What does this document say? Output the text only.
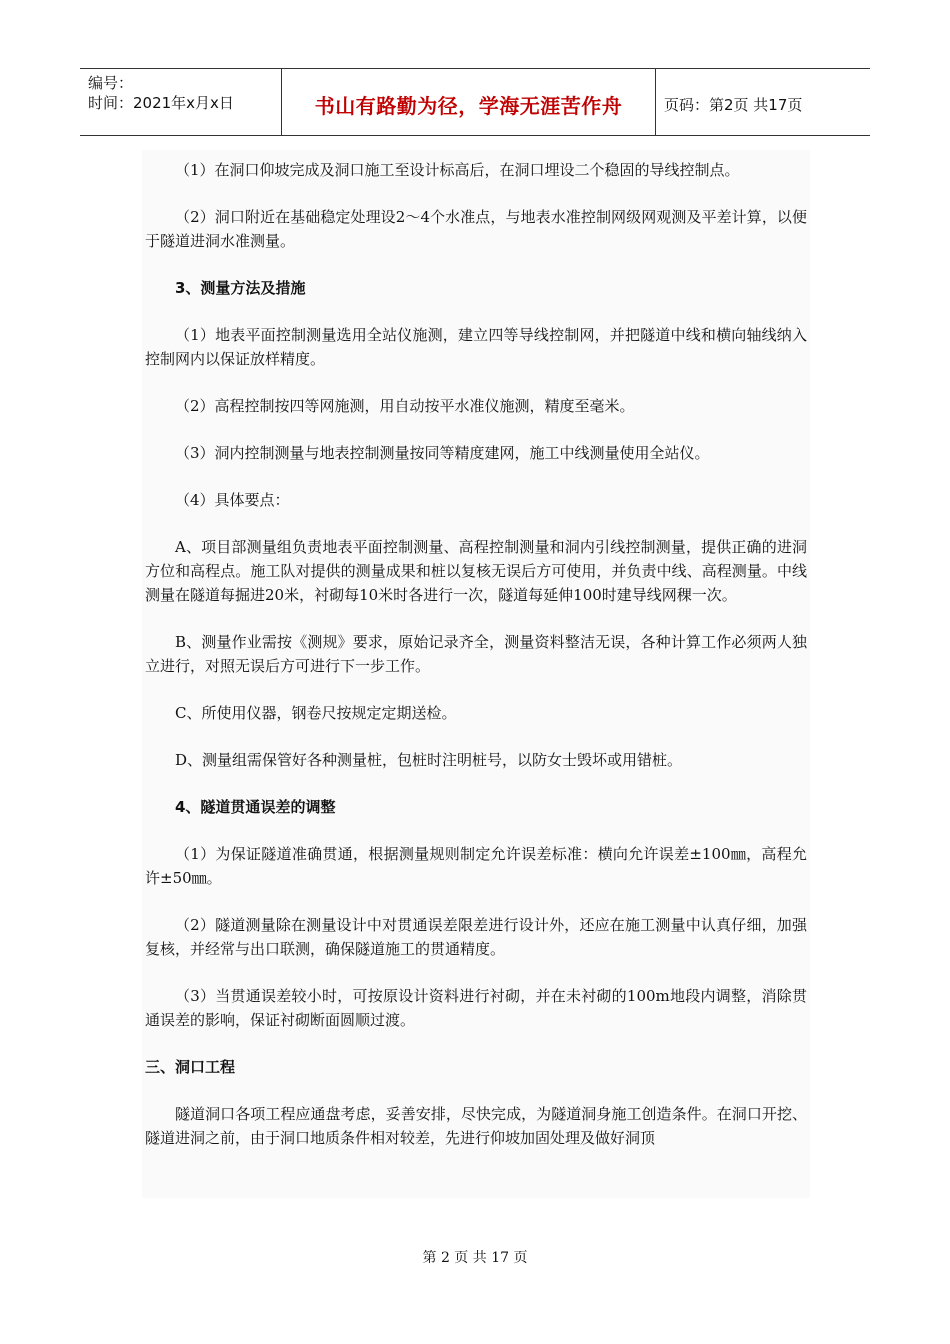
编号：
时间：2021年x月x日	书山有路勤为径，学海无涯苦作舟	页码：第2页 共17页

（1）在洞口仰坡完成及洞口施工至设计标高后，在洞口埋设二个稳固的导线控制点。

（2）洞口附近在基础稳定处理设2～4个水准点，与地表水准控制网级网观测及平差计算，以便于隧道进洞水准测量。

3、测量方法及措施

（1）地表平面控制测量选用全站仪施测，建立四等导线控制网，并把隧道中线和横向轴线纳入控制网内以保证放样精度。

（2）高程控制按四等网施测，用自动按平水准仪施测，精度至毫米。

（3）洞内控制测量与地表控制测量按同等精度建网，施工中线测量使用全站仪。

（4）具体要点：

A、项目部测量组负责地表平面控制测量、高程控制测量和洞内引线控制测量，提供正确的进洞方位和高程点。施工队对提供的测量成果和桩以复核无误后方可使用，并负责中线、高程测量。中线测量在隧道每掘进20米，衬砌每10米时各进行一次，隧道每延伸100时建导线网稞一次。

B、测量作业需按《测规》要求，原始记录齐全，测量资料整洁无误，各种计算工作必须两人独立进行，对照无误后方可进行下一步工作。

C、所使用仪器，钢卷尺按规定定期送检。

D、测量组需保管好各种测量桩，包桩时注明桩号，以防女士毁坏或用错桩。

4、隧道贯通误差的调整

（1）为保证隧道准确贯通，根据测量规则制定允许误差标准：横向允许误差±100㎜，高程允许±50㎜。

（2）隧道测量除在测量设计中对贯通误差限差进行设计外，还应在施工测量中认真仔细，加强复核，并经常与出口联测，确保隧道施工的贯通精度。

（3）当贯通误差较小时，可按原设计资料进行衬砌，并在未衬砌的100m地段内调整，消除贯通误差的影响，保证衬砌断面圆顺过渡。

三、洞口工程

隧道洞口各项工程应通盘考虑，妥善安排，尽快完成，为隧道洞身施工创造条件。在洞口开挖、隧道进洞之前，由于洞口地质条件相对较差，先进行仰坡加固处理及做好洞顶

第 2 页 共 17 页
